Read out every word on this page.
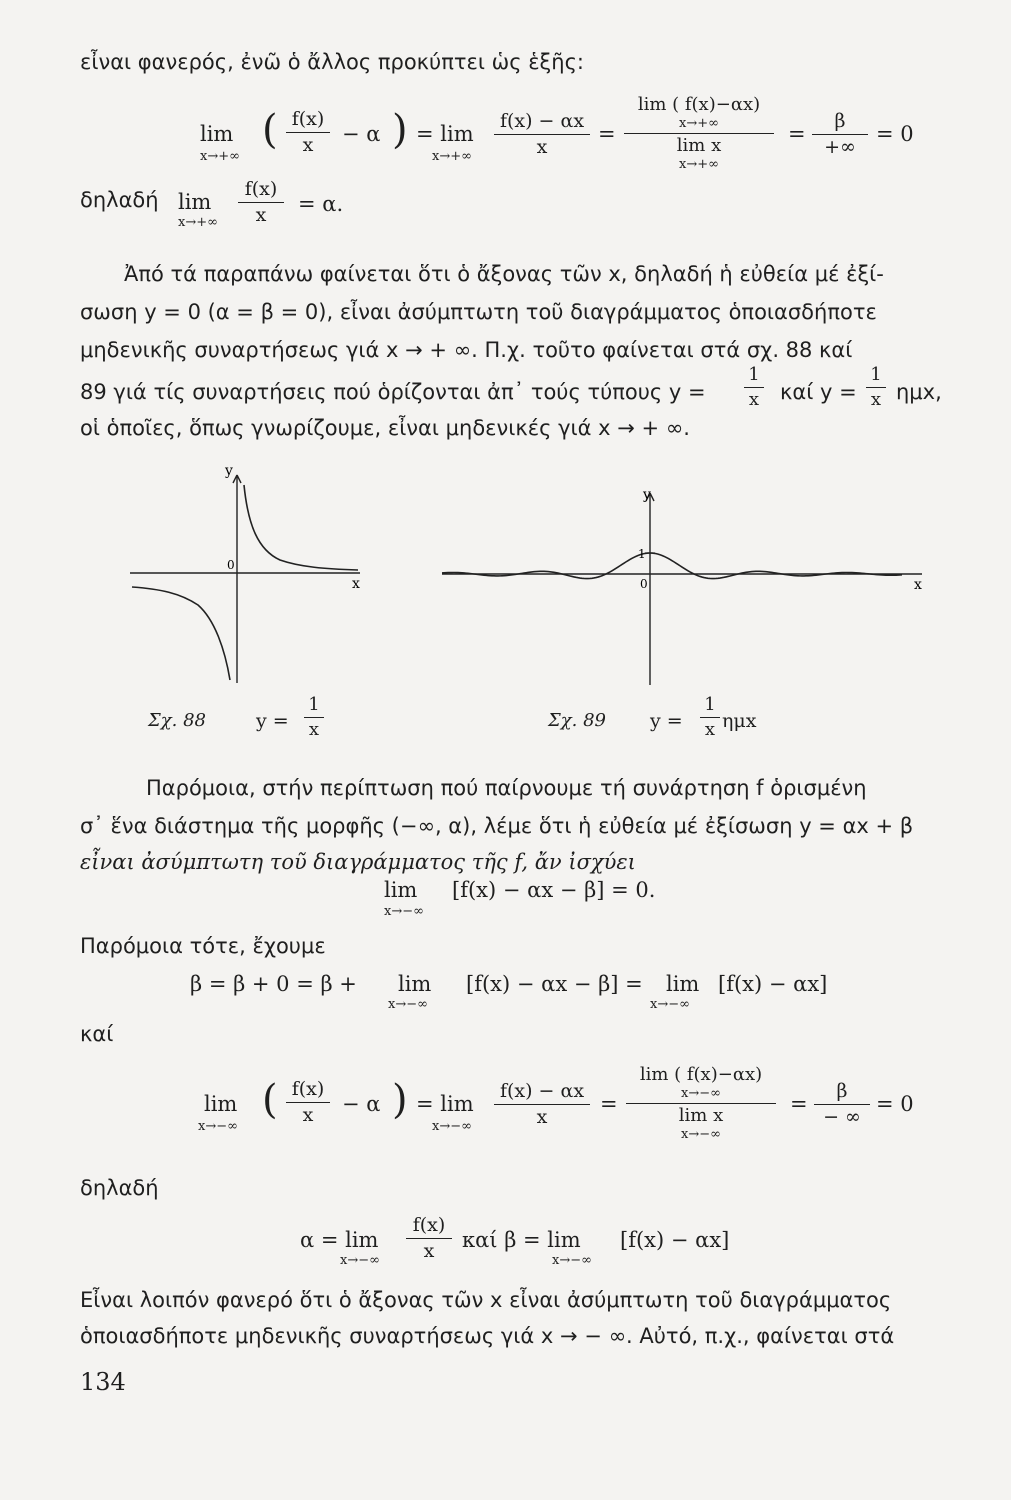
εἶναι φανερός, ἐνῶ ὁ ἄλλος προκύπτει ὡς ἑξῆς:
lim
x→+∞
( f(x)
x	− α ) = lim
x→+∞
f(x) − αx
x
=
lim ( f(x)−αx)
x→+∞
lim x
x→+∞
=
β
+∞
= 0
δηλαδή lim
x→+∞
f(x)
x	= α.
Ἀπό τά παραπάνω φαίνεται ὅτι ὁ ἄξονας τῶν x, δηλαδή ἡ εὐθεία μέ ἐξί-
σωση y = 0 (α = β = 0), εἶναι ἀσύμπτωτη τοῦ διαγράμματος ὁποιασδήποτε
μηδενικῆς συναρτήσεως γιά x → + ∞. Π.χ. τοῦτο φαίνεται στά σχ. 88 καί
89 γιά τίς συναρτήσεις πού ὁρίζονται ἀπ᾽ τούς τύπους y =
1
x καί y =
1
x ημx,
οἱ ὁποῖες, ὅπως γνωρίζουμε, εἶναι μηδενικές γιά x → + ∞.
y
x
0
Σχ. 88	y =
1
x
y
x
0
1
Σχ. 89 y =
1
x ημx
Παρόμοια, στήν περίπτωση πού παίρνουμε τή συνάρτηση f ὁρισμένη
σ᾽ ἕνα διάστημα τῆς μορφῆς (−∞, α), λέμε ὅτι ἡ εὐθεία μέ ἐξίσωση y = αx + β
εἶναι ἀσύμπτωτη τοῦ διαγράμματος τῆς f, ἄν ἰσχύει
lim
x→−∞
[f(x) − αx − β] = 0.
Παρόμοια τότε, ἔχουμε
β = β + 0 = β + lim
x→−∞
[f(x) − αx − β] = lim
x→−∞
[f(x) − αx]
καί
lim
x→−∞
( f(x)
x	− α ) = lim
x→−∞
f(x) − αx
x
=
lim ( f(x)−αx)
x→−∞
lim x
x→−∞
=
β
− ∞
= 0
δηλαδή
α = lim
x→−∞
f(x)
x	καί β = lim
x→−∞
[f(x) − αx]
Εἶναι λοιπόν φανερό ὅτι ὁ ἄξονας τῶν x εἶναι ἀσύμπτωτη τοῦ διαγράμματος
ὁποιασδήποτε μηδενικῆς συναρτήσεως γιά x → − ∞. Αὐτό, π.χ., φαίνεται στά
134
